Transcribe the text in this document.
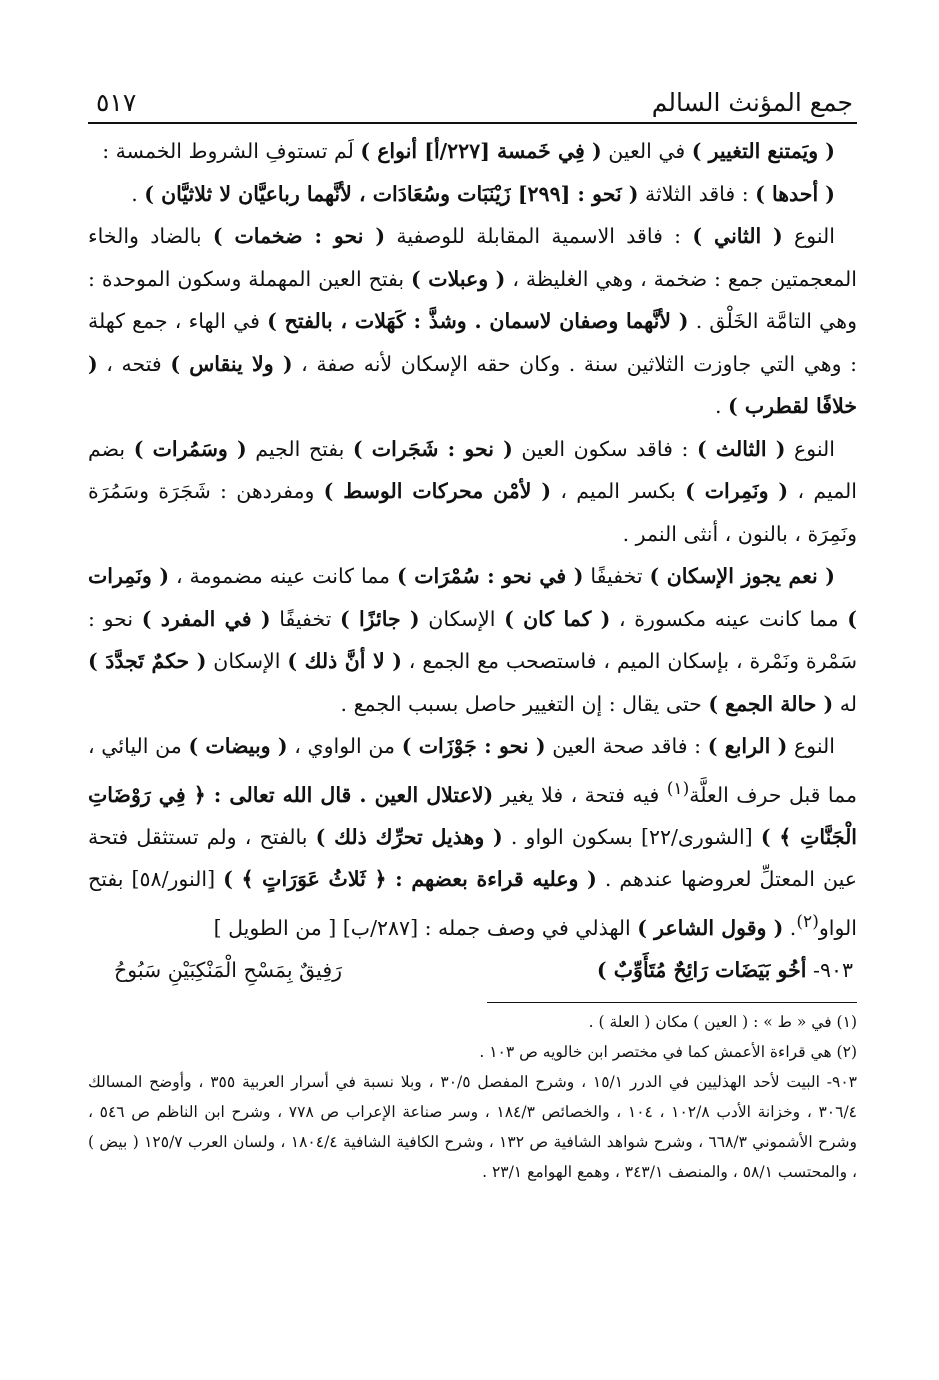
جمع المؤنث السالم
٥١٧

( ويَمتنع التغيير ) في العين ( فِي خَمسة [٢٢٧/أ] أنواع ) لَم تستوفِ الشروط الخمسة :

( أحدها ) : فاقد الثلاثة ( نَحو : [٢٩٩] زَيْنَبَات وسُعَادَات ، لأنَّهما رباعيَّان لا ثلاثيَّان ) .

النوع ( الثاني ) : فاقد الاسمية المقابلة للوصفية ( نحو : ضخمات ) بالضاد والخاء المعجمتين جمع : ضخمة ، وهي الغليظة ، ( وعبلات ) بفتح العين المهملة وسكون الموحدة : وهي التامَّة الخَلْق . ( لأنَّهما وصفان لاسمان . وشذَّ : كَهَلات ، بالفتح ) في الهاء ، جمع كهلة : وهي التي جاوزت الثلاثين سنة . وكان حقه الإسكان لأنه صفة ، ( ولا ينقاس ) فتحه ، ( خلافًا لقطرب ) .

النوع ( الثالث ) : فاقد سكون العين ( نحو : شَجَرات ) بفتح الجيم ( وسَمُرات ) بضم الميم ، ( ونَمِرات ) بكسر الميم ، ( لأمْن محركات الوسط ) ومفردهن : شَجَرَة وسَمُرَة ونَمِرَة ، بالنون ، أنثى النمر .

( نعم يجوز الإسكان ) تخفيفًا ( في نحو : سُمْرَات ) مما كانت عينه مضمومة ، ( ونَمِرات ) مما كانت عينه مكسورة ، ( كما كان ) الإسكان ( جائزًا ) تخفيفًا ( في المفرد ) نحو : سَمْرة ونَمْرة ، بإسكان الميم ، فاستصحب مع الجمع ، ( لا أنَّ ذلك ) الإسكان ( حكمٌ تَجدَّدَ ) له ( حالة الجمع ) حتى يقال : إن التغيير حاصل بسبب الجمع .

النوع ( الرابع ) : فاقد صحة العين ( نحو : جَوْزَات ) من الواوي ، ( وبيضات ) من اليائي ، مما قبل حرف العلَّة$^{(١)}$ فيه فتحة ، فلا يغير (لاعتلال العين . قال الله تعالى : ﴿ فِي رَوْضَاتِ الْجَنَّاتِ ﴾ ) [الشورى/٢٢] بسكون الواو . ( وهذيل تحرِّك ذلك ) بالفتح ، ولم تستثقل فتحة عين المعتلِّ لعروضها عندهم . ( وعليه قراءة بعضهم : ﴿ ثَلاثُ عَوَرَاتٍ ﴾ ) [النور/٥٨] بفتح الواو$^{(٢)}$. ( وقول الشاعر ) الهذلي في وصف جمله : [٢٨٧/ب] [ من الطويل ]

٩٠٣- أخُو بَيَضَات رَائِحٌ مُتَأَوِّبٌ )
رَفِيقٌ بِمَسْحِ الْمَنْكِبَيْنِ سَبُوحُ

(١) في « ط » : ( العين ) مكان ( العلة ) .

(٢) هي قراءة الأعمش كما في مختصر ابن خالويه ص ١٠٣ .

٩٠٣- البيت لأحد الهذليين في الدرر ١٥/١ ، وشرح المفصل ٣٠/٥ ، وبلا نسبة في أسرار العربية ٣٥٥ ، وأوضح المسالك ٣٠٦/٤ ، وخزانة الأدب ١٠٢/٨ ، ١٠٤ ، والخصائص ١٨٤/٣ ، وسر صناعة الإعراب ص ٧٧٨ ، وشرح ابن الناظم ص ٥٤٦ ، وشرح الأشموني ٦٦٨/٣ ، وشرح شواهد الشافية ص ١٣٢ ، وشرح الكافية الشافية ١٨٠٤/٤ ، ولسان العرب ١٢٥/٧ ( بيض ) ، والمحتسب ٥٨/١ ، والمنصف ٣٤٣/١ ، وهمع الهوامع ٢٣/١ .
